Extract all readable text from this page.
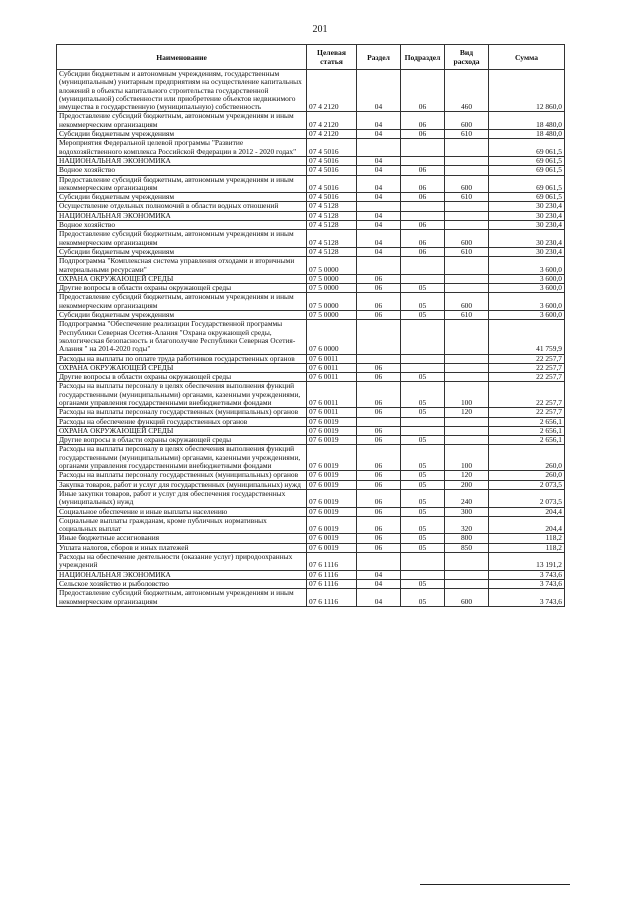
201
Наименование	Целевая статья	Раздел	Подраздел	Вид расхода	Сумма
Субсидии бюджетным и автономным учреждениям, государственным (муниципальным) унитарным предприятиям на осуществление капитальных вложений в объекты капитального строительства государственной (муниципальной) собственности или приобретение объектов недвижимого имущества в государственную (муниципальную) собственность	07 4 2120	04	06	460	12 860,0
Предоставление субсидий бюджетным, автономным учреждениям и иным некоммерческим организациям	07 4 2120	04	06	600	18 480,0
Субсидии бюджетным учреждениям	07 4 2120	04	06	610	18 480,0
Мероприятия Федеральной целевой программы "Развитие водохозяйственного комплекса Российской Федерации в 2012 - 2020 годах"	07 4 5016				69 061,5
НАЦИОНАЛЬНАЯ ЭКОНОМИКА	07 4 5016	04			69 061,5
Водное хозяйство	07 4 5016	04	06		69 061,5
Предоставление субсидий бюджетным, автономным учреждениям и иным некоммерческим организациям	07 4 5016	04	06	600	69 061,5
Субсидии бюджетным учреждениям	07 4 5016	04	06	610	69 061,5
Осуществление отдельных полномочий в области водных отношений	07 4 5128				30 230,4
НАЦИОНАЛЬНАЯ ЭКОНОМИКА	07 4 5128	04			30 230,4
Водное хозяйство	07 4 5128	04	06		30 230,4
Предоставление субсидий бюджетным, автономным учреждениям и иным некоммерческим организациям	07 4 5128	04	06	600	30 230,4
Субсидии бюджетным учреждениям	07 4 5128	04	06	610	30 230,4
Подпрограмма "Комплексная система управления отходами и вторичными материальными ресурсами"	07 5 0000				3 600,0
ОХРАНА ОКРУЖАЮЩЕЙ СРЕДЫ	07 5 0000	06			3 600,0
Другие вопросы в области охраны окружающей среды	07 5 0000	06	05		3 600,0
Предоставление субсидий бюджетным, автономным учреждениям и иным некоммерческим организациям	07 5 0000	06	05	600	3 600,0
Субсидии бюджетным учреждениям	07 5 0000	06	05	610	3 600,0
Подпрограмма "Обеспечение реализации Государственной программы Республики Северная Осетия-Алания "Охрана окружающей среды, экологическая безопасность и благополучие Республики Северная Осетия-Алания " на 2014-2020 годы"	07 6 0000				41 759,9
Расходы на выплаты по оплате труда работников государственных органов	07 6 0011				22 257,7
ОХРАНА ОКРУЖАЮЩЕЙ СРЕДЫ	07 6 0011	06			22 257,7
Другие вопросы в области охраны окружающей среды	07 6 0011	06	05		22 257,7
Расходы на выплаты персоналу в целях обеспечения выполнения функций государственными (муниципальными) органами, казенными учреждениями, органами управления государственными внебюджетными фондами	07 6 0011	06	05	100	22 257,7
Расходы на выплаты персоналу государственных (муниципальных) органов	07 6 0011	06	05	120	22 257,7
Расходы на обеспечение функций государственных органов	07 6 0019				2 656,1
ОХРАНА ОКРУЖАЮЩЕЙ СРЕДЫ	07 6 0019	06			2 656,1
Другие вопросы в области охраны окружающей среды	07 6 0019	06	05		2 656,1
Расходы на выплаты персоналу в целях обеспечения выполнения функций государственными (муниципальными) органами, казенными учреждениями, органами управления государственными внебюджетными фондами	07 6 0019	06	05	100	260,0
Расходы на выплаты персоналу государственных (муниципальных) органов	07 6 0019	06	05	120	260,0
Закупка товаров, работ и услуг для государственных (муниципальных) нужд	07 6 0019	06	05	200	2 073,5
Иные закупки товаров, работ и услуг для обеспечения государственных (муниципальных) нужд	07 6 0019	06	05	240	2 073,5
Социальное обеспечение и иные выплаты населению	07 6 0019	06	05	300	204,4
Социальные выплаты гражданам, кроме публичных нормативных социальных выплат	07 6 0019	06	05	320	204,4
Иные бюджетные ассигнования	07 6 0019	06	05	800	118,2
Уплата налогов, сборов и иных платежей	07 6 0019	06	05	850	118,2
Расходы на обеспечение деятельности (оказание услуг) природоохранных учреждений	07 6 1116				13 191,2
НАЦИОНАЛЬНАЯ ЭКОНОМИКА	07 6 1116	04			3 743,6
Сельское хозяйство и рыболовство	07 6 1116	04	05		3 743,6
Предоставление субсидий бюджетным, автономным учреждениям и иным некоммерческим организациям	07 6 1116	04	05	600	3 743,6
